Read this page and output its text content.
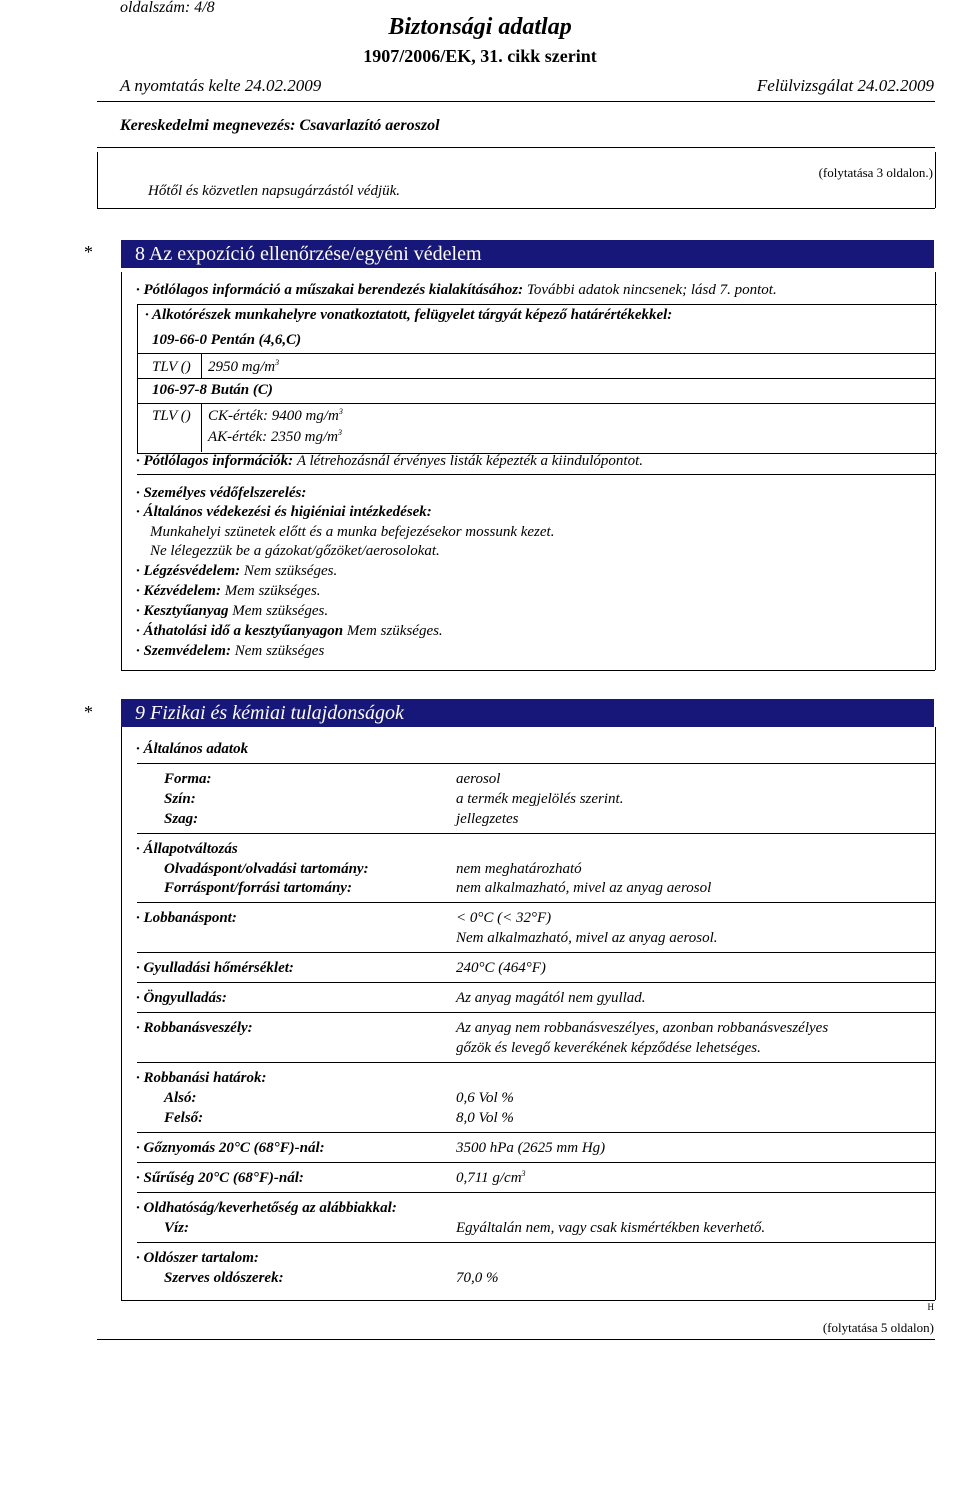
oldalszám: 4/8
Biztonsági adatlap
1907/2006/EK, 31. cikk szerint
A nyomtatás kelte 24.02.2009	Felülvizsgálat 24.02.2009
Kereskedelmi megnevezés: Csavarlazító aeroszol
(folytatása 3 oldalon.)
Hőtől és közvetlen napsugárzástól védjük.
*	8 Az expozíció ellenőrzése/egyéni védelem
· Pótlólagos információ a műszakai berendezés kialakításához: További adatok nincsenek; lásd 7. pontot.
· Alkotórészek munkahelyre vonatkoztatott, felügyelet tárgyát képező határértékekkel:
109-66-0 Pentán (4,6,C)
TLV () 2950 $mg/m^3$
106-97-8 Bután (C)
TLV () CK-érték: 9400 $mg/m^3$
AK-érték: 2350 $mg/m^3$
· Pótlólagos információk: A létrehozásnál érvényes listák képezték a kiindulópontot.
· Személyes védőfelszerelés:
· Általános védekezési és higiéniai intézkedések:
Munkahelyi szünetek előtt és a munka befejezésekor mossunk kezet.
Ne lélegezzük be a gázokat/gőzöket/aerosolokat.
· Légzésvédelem: Nem szükséges.
· Kézvédelem: Mem szükséges.
· Kesztyűanyag Mem szükséges.
· Áthatolási idő a kesztyűanyagon Mem szükséges.
· Szemvédelem: Nem szükséges
*	9 Fizikai és kémiai tulajdonságok
· Általános adatok
Forma:	aerosol
Szín:	a termék megjelölés szerint.
Szag:	jellegzetes
· Állapotváltozás
Olvadáspont/olvadási tartomány:	nem meghatározható
Forráspont/forrási tartomány:	nem alkalmazható, mivel az anyag aerosol
· Lobbanáspont:	< 0°C (< 32°F)
Nem alkalmazható, mivel az anyag aerosol.
· Gyulladási hőmérséklet:	240°C (464°F)
· Öngyulladás:	Az anyag magától nem gyullad.
· Robbanásveszély:	Az anyag nem robbanásveszélyes, azonban robbanásveszélyes
gőzök és levegő keverékének képződése lehetséges.
· Robbanási határok:
Alsó:	0,6 Vol %
Felső:	8,0 Vol %
· Gőznyomás 20°C (68°F)-nál:	3500 hPa (2625 mm Hg)
· Sűrűség 20°C (68°F)-nál:	0,711 $g/cm^3$
· Oldhatóság/keverhetőség az alábbiakkal:
Víz:	Egyáltalán nem, vagy csak kismértékben keverhető.
· Oldószer tartalom:
Szerves oldószerek:	70,0 %
H
(folytatása 5 oldalon)
